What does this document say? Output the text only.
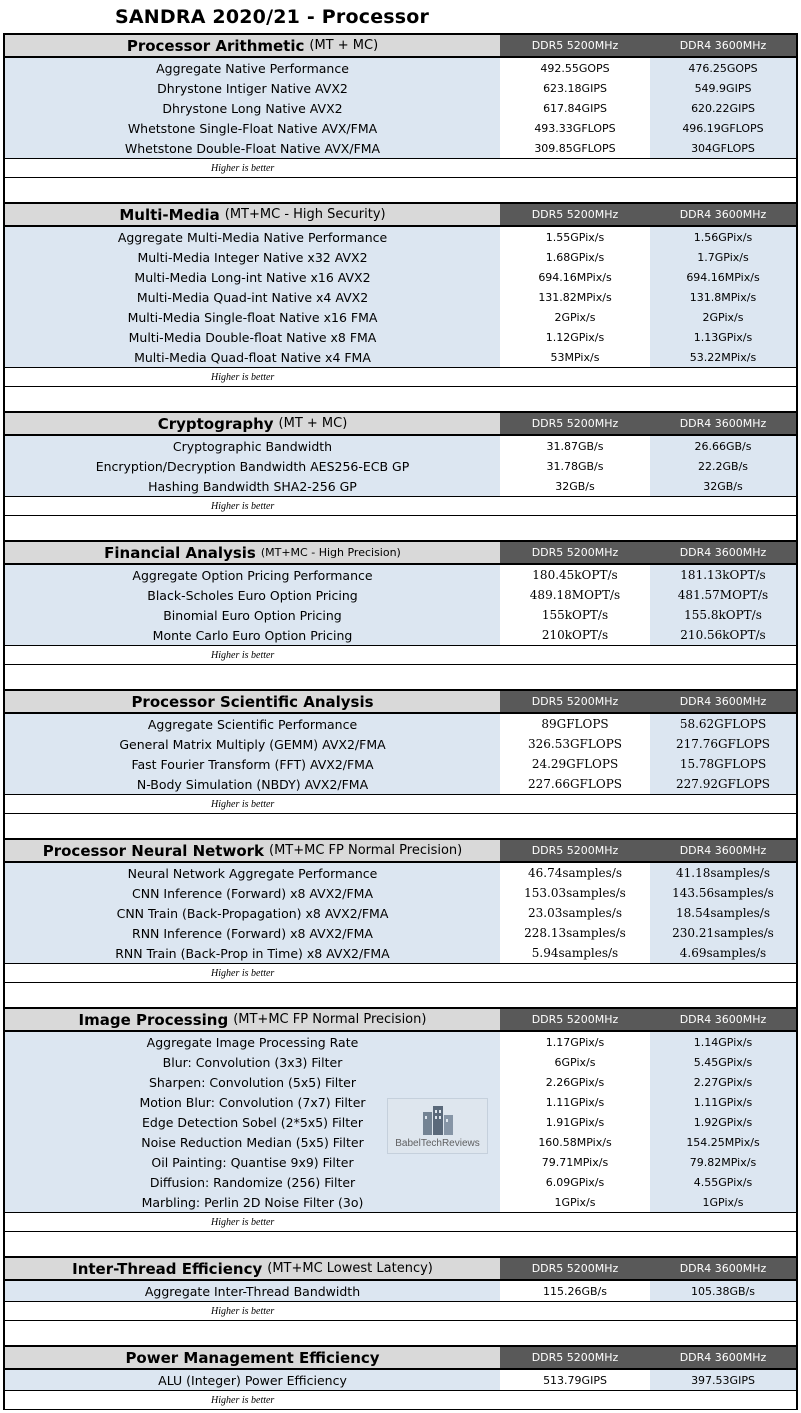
SANDRA 2020/21 - Processor
Processor Arithmetic (MT + MC)	DDR5 5200MHz	DDR4 3600MHz
Aggregate Native Performance	492.55GOPS	476.25GOPS
Dhrystone Intiger Native AVX2	623.18GIPS	549.9GIPS
Dhrystone Long Native AVX2	617.84GIPS	620.22GIPS
Whetstone Single-Float Native AVX/FMA	493.33GFLOPS	496.19GFLOPS
Whetstone Double-Float Native AVX/FMA	309.85GFLOPS	304GFLOPS
Higher is better
Multi-Media (MT+MC - High Security)	DDR5 5200MHz	DDR4 3600MHz
Aggregate Multi-Media Native Performance	1.55GPix/s	1.56GPix/s
Multi-Media Integer Native x32 AVX2	1.68GPix/s	1.7GPix/s
Multi-Media Long-int Native x16 AVX2	694.16MPix/s	694.16MPix/s
Multi-Media Quad-int Native x4 AVX2	131.82MPix/s	131.8MPix/s
Multi-Media Single-float Native x16 FMA	2GPix/s	2GPix/s
Multi-Media Double-float Native x8 FMA	1.12GPix/s	1.13GPix/s
Multi-Media Quad-float Native x4 FMA	53MPix/s	53.22MPix/s
Higher is better
Cryptography (MT + MC)	DDR5 5200MHz	DDR4 3600MHz
Cryptographic Bandwidth	31.87GB/s	26.66GB/s
Encryption/Decryption Bandwidth AES256-ECB GP	31.78GB/s	22.2GB/s
Hashing Bandwidth SHA2-256 GP	32GB/s	32GB/s
Higher is better
Financial Analysis (MT+MC - High Precision)	DDR5 5200MHz	DDR4 3600MHz
Aggregate Option Pricing Performance	180.45kOPT/s	181.13kOPT/s
Black-Scholes Euro Option Pricing	489.18MOPT/s	481.57MOPT/s
Binomial Euro Option Pricing	155kOPT/s	155.8kOPT/s
Monte Carlo Euro Option Pricing	210kOPT/s	210.56kOPT/s
Higher is better
Processor Scientific Analysis	DDR5 5200MHz	DDR4 3600MHz
Aggregate Scientific Performance	89GFLOPS	58.62GFLOPS
General Matrix Multiply (GEMM) AVX2/FMA	326.53GFLOPS	217.76GFLOPS
Fast Fourier Transform (FFT) AVX2/FMA	24.29GFLOPS	15.78GFLOPS
N-Body Simulation (NBDY) AVX2/FMA	227.66GFLOPS	227.92GFLOPS
Higher is better
Processor Neural Network (MT+MC FP Normal Precision)	DDR5 5200MHz	DDR4 3600MHz
Neural Network Aggregate Performance	46.74samples/s	41.18samples/s
CNN Inference (Forward) x8 AVX2/FMA	153.03samples/s	143.56samples/s
CNN Train (Back-Propagation) x8 AVX2/FMA	23.03samples/s	18.54samples/s
RNN Inference (Forward) x8 AVX2/FMA	228.13samples/s	230.21samples/s
RNN Train (Back-Prop in Time) x8 AVX2/FMA	5.94samples/s	4.69samples/s
Higher is better
Image Processing (MT+MC FP Normal Precision)	DDR5 5200MHz	DDR4 3600MHz
Aggregate Image Processing Rate	1.17GPix/s	1.14GPix/s
Blur: Convolution (3x3) Filter	6GPix/s	5.45GPix/s
Sharpen: Convolution (5x5) Filter	2.26GPix/s	2.27GPix/s
Motion Blur: Convolution (7x7) Filter	1.11GPix/s	1.11GPix/s
Edge Detection Sobel (2*5x5) Filter	1.91GPix/s	1.92GPix/s
Noise Reduction Median (5x5) Filter	160.58MPix/s	154.25MPix/s
Oil Painting: Quantise 9x9) Filter	79.71MPix/s	79.82MPix/s
Diffusion: Randomize (256) Filter	6.09GPix/s	4.55GPix/s
Marbling: Perlin 2D Noise Filter (3o)	1GPix/s	1GPix/s
Higher is better
Inter-Thread Efficiency (MT+MC Lowest Latency)	DDR5 5200MHz	DDR4 3600MHz
Aggregate Inter-Thread Bandwidth	115.26GB/s	105.38GB/s
Higher is better
Power Management Efficiency	DDR5 5200MHz	DDR4 3600MHz
ALU (Integer) Power Efficiency	513.79GIPS	397.53GIPS
Higher is better
BabelTechReviews
